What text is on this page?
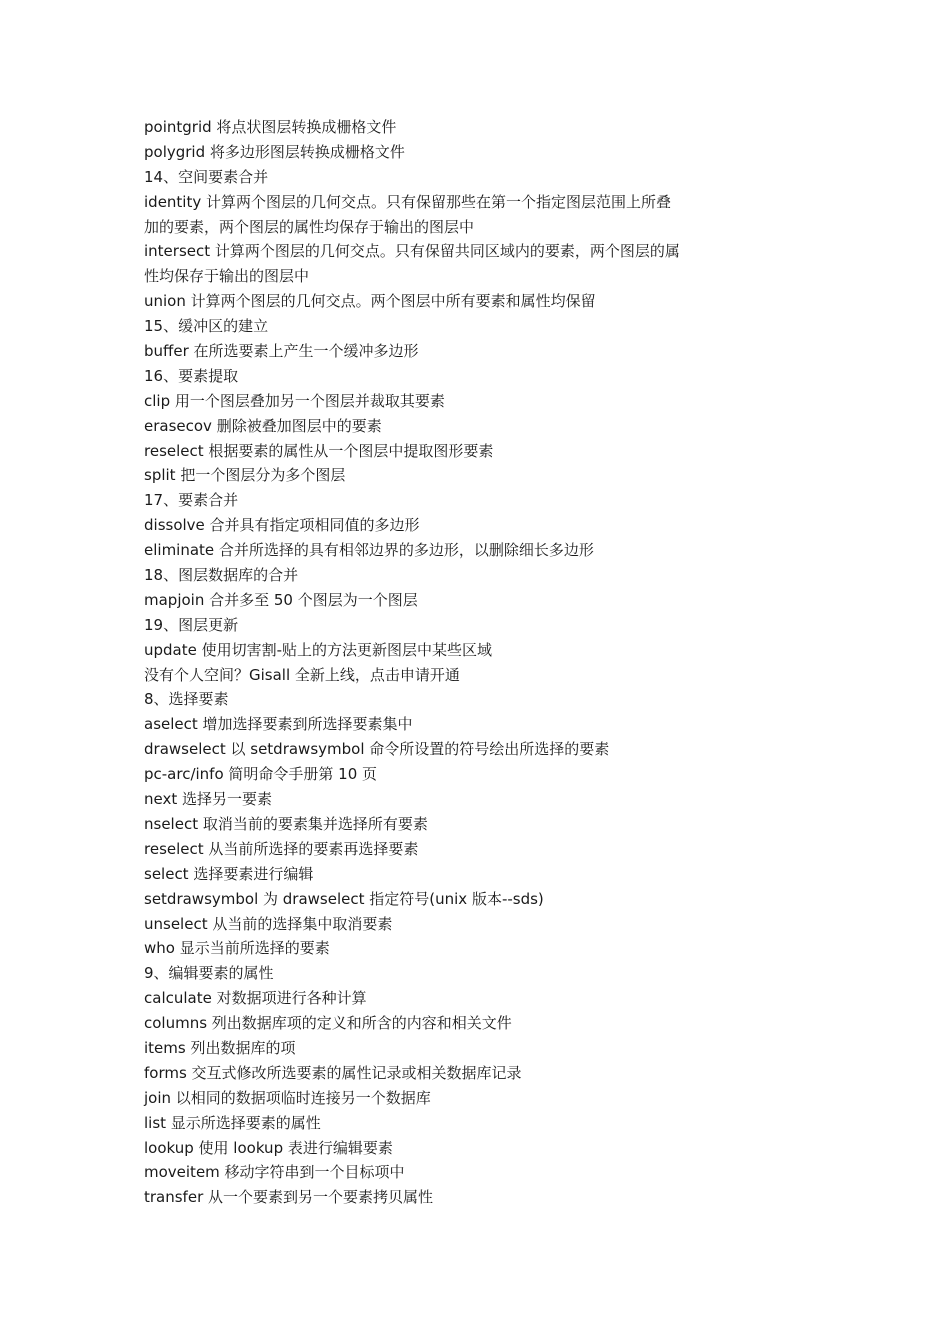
pointgrid 将点状图层转换成栅格文件
polygrid 将多边形图层转换成栅格文件
14、空间要素合并
identity 计算两个图层的几何交点。只有保留那些在第一个指定图层范围上所叠
加的要素，两个图层的属性均保存于输出的图层中
intersect 计算两个图层的几何交点。只有保留共同区域内的要素，两个图层的属
性均保存于输出的图层中
union 计算两个图层的几何交点。两个图层中所有要素和属性均保留
15、缓冲区的建立
buffer 在所选要素上产生一个缓冲多边形
16、要素提取
clip 用一个图层叠加另一个图层并裁取其要素
erasecov 删除被叠加图层中的要素
reselect 根据要素的属性从一个图层中提取图形要素
split 把一个图层分为多个图层
17、要素合并
dissolve 合并具有指定项相同值的多边形
eliminate 合并所选择的具有相邻边界的多边形，以删除细长多边形
18、图层数据库的合并
mapjoin 合并多至 50 个图层为一个图层
19、图层更新
update 使用切害割-贴上的方法更新图层中某些区域
没有个人空间？Gisall 全新上线，点击申请开通
8、选择要素
aselect 增加选择要素到所选择要素集中
drawselect 以 setdrawsymbol 命令所设置的符号绘出所选择的要素
pc-arc/info 简明命令手册第 10 页
next 选择另一要素
nselect 取消当前的要素集并选择所有要素
reselect 从当前所选择的要素再选择要素
select 选择要素进行编辑
setdrawsymbol 为 drawselect 指定符号(unix 版本--sds)
unselect 从当前的选择集中取消要素
who 显示当前所选择的要素
9、编辑要素的属性
calculate 对数据项进行各种计算
columns 列出数据库项的定义和所含的内容和相关文件
items 列出数据库的项
forms 交互式修改所选要素的属性记录或相关数据库记录
join 以相同的数据项临时连接另一个数据库
list 显示所选择要素的属性
lookup 使用 lookup 表进行编辑要素
moveitem 移动字符串到一个目标项中
transfer 从一个要素到另一个要素拷贝属性
